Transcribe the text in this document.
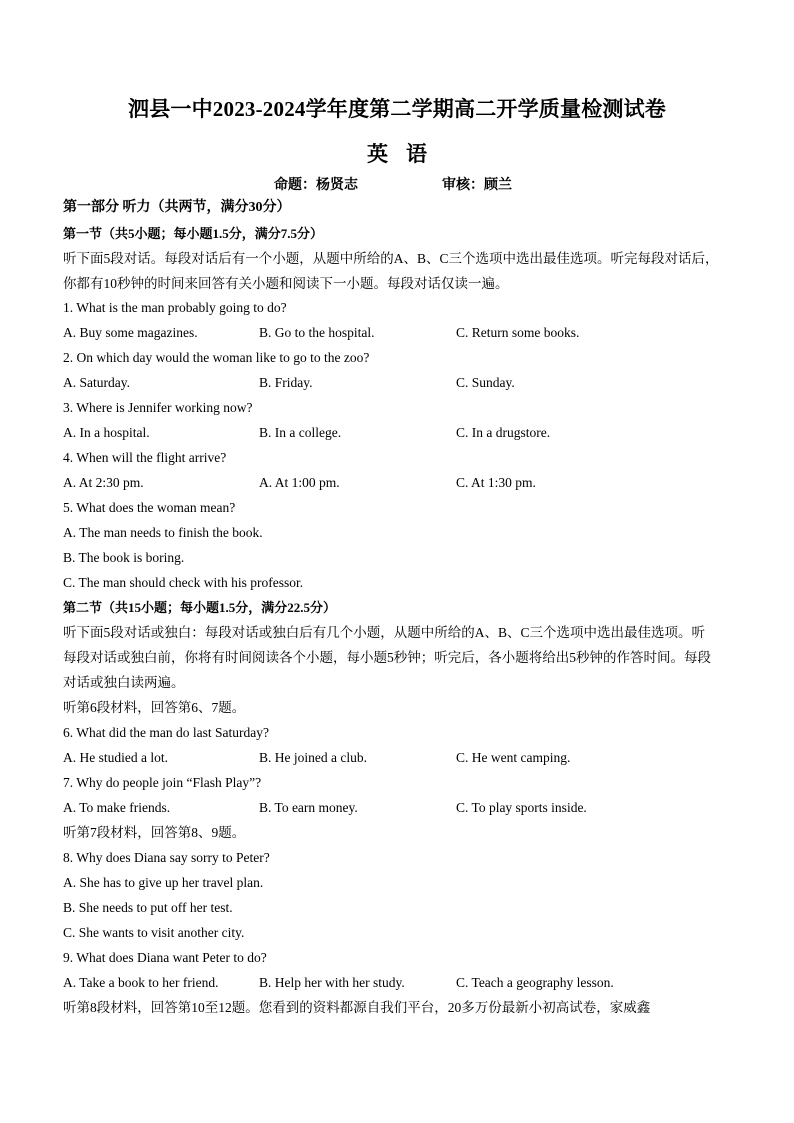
泗县一中2023-2024学年度第二学期高二开学质量检测试卷
英语
命题：杨贤志	审核：顾兰
第一部分 听力（共两节，满分30分）
第一节（共5小题；每小题1.5分，满分7.5分）
听下面5段对话。每段对话后有一个小题，从题中所给的A、B、C三个选项中选出最佳选项。听完每段对话后，
你都有10秒钟的时间来回答有关小题和阅读下一小题。每段对话仅读一遍。
1. What is the man probably going to do?
A. Buy some magazines.	B. Go to the hospital.	C. Return some books.
2. On which day would the woman like to go to the zoo?
A. Saturday.	B. Friday.	C. Sunday.
3. Where is Jennifer working now?
A. In a hospital.	B. In a college.	C. In a drugstore.
4. When will the flight arrive?
A. At 2:30 pm.	A. At 1:00 pm.	C. At 1:30 pm.
5. What does the woman mean?
A. The man needs to finish the book.
B. The book is boring.
C. The man should check with his professor.
第二节（共15小题；每小题1.5分，满分22.5分）
听下面5段对话或独白：每段对话或独白后有几个小题，从题中所给的A、B、C三个选项中选出最佳选项。听
每段对话或独白前，你将有时间阅读各个小题，每小题5秒钟；听完后，各小题将给出5秒钟的作答时间。每段
对话或独白读两遍。
听第6段材料，回答第6、7题。
6. What did the man do last Saturday?
A. He studied a lot.	B. He joined a club.	C. He went camping.
7. Why do people join “Flash Play”?
A. To make friends.	B. To earn money.	C. To play sports inside.
听第7段材料，回答第8、9题。
8. Why does Diana say sorry to Peter?
A. She has to give up her travel plan.
B. She needs to put off her test.
C. She wants to visit another city.
9. What does Diana want Peter to do?
A. Take a book to her friend.	B. Help her with her study.	C. Teach a geography lesson.
听第8段材料，回答第10至12题。您看到的资料都源自我们平台，20多万份最新小初高试卷，家威鑫
